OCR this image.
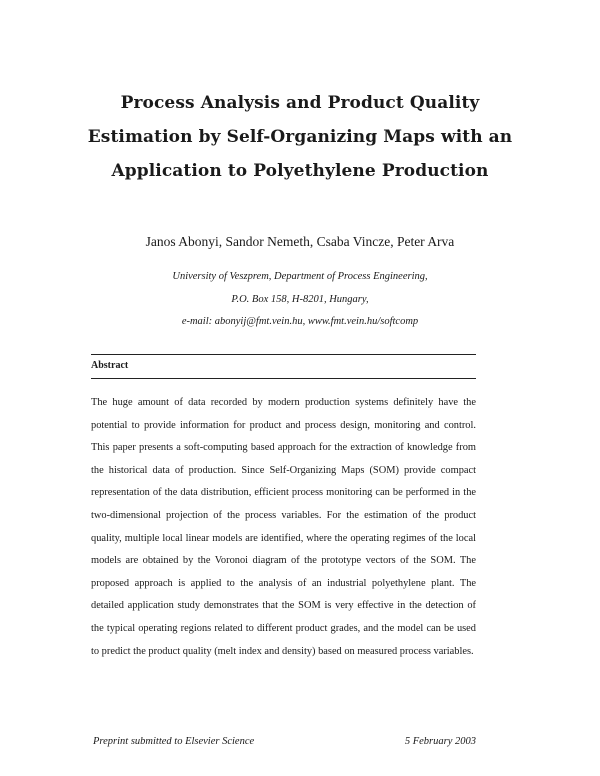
Process Analysis and Product Quality
Estimation by Self-Organizing Maps with an
Application to Polyethylene Production
Janos Abonyi, Sandor Nemeth, Csaba Vincze, Peter Arva
University of Veszprem, Department of Process Engineering,
P.O. Box 158, H-8201, Hungary,
e-mail: abonyij@fmt.vein.hu, www.fmt.vein.hu/softcomp
Abstract
The huge amount of data recorded by modern production systems definitely have the potential to provide information for product and process design, monitoring and control. This paper presents a soft-computing based approach for the extraction of knowledge from the historical data of production. Since Self-Organizing Maps (SOM) provide compact representation of the data distribution, efficient process monitoring can be performed in the two-dimensional projection of the process variables. For the estimation of the product quality, multiple local linear models are identified, where the operating regimes of the local models are obtained by the Voronoi diagram of the prototype vectors of the SOM. The proposed approach is applied to the analysis of an industrial polyethylene plant. The detailed application study demonstrates that the SOM is very effective in the detection of the typical operating regions related to different product grades, and the model can be used to predict the product quality (melt index and density) based on measured process variables.
Preprint submitted to Elsevier Science	5 February 2003
